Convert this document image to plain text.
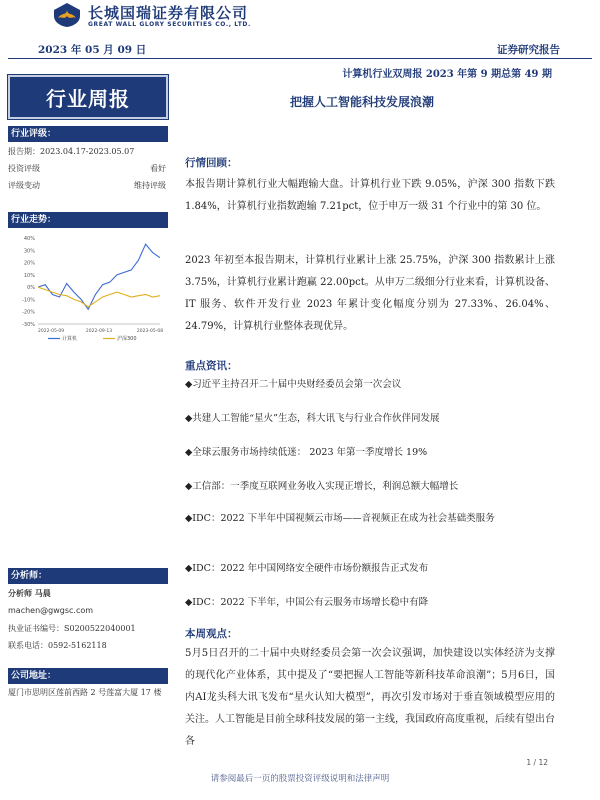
长城国瑞证券有限公司
GREAT WALL GLORY SECURITIES CO., LTD.
2023 年 05 月 09 日	证券研究报告
计算机行业双周报 2023 年第 9 期总第 49 期
行业周报	把握人工智能科技发展浪潮
行业评级：
报告期：2023.04.17-2023.05.07
投资评级	看好
评级变动	维持评级
行业走势：
40%
30%
20%
10%
0%
-10%
-20%
-30%
2022-05-09	2022-09-13	2023-05-08
计算机	沪深300
分析师：
分析师 马晨
machen@gwgsc.com
执业证书编号：S0200522040001
联系电话：0592-5162118
公司地址：
厦门市思明区莲前西路 2 号莲富大厦 17 楼
行情回顾：
本报告期计算机行业大幅跑输大盘。计算机行业下跌 9.05%，沪深 300 指数下跌 1.84%，计算机行业指数跑输 7.21pct，位于申万一级 31 个行业中的第 30 位。
2023 年初至本报告期末，计算机行业累计上涨 25.75%，沪深 300 指数累计上涨 3.75%，计算机行业累计跑赢 22.00pct。从申万二级细分行业来看，计算机设备、IT 服务、软件开发行业 2023 年累计变化幅度分别为 27.33%、26.04%、24.79%，计算机行业整体表现优异。
重点资讯：
◆习近平主持召开二十届中央财经委员会第一次会议
◆共建人工智能“星火”生态，科大讯飞与行业合作伙伴同发展
◆全球云服务市场持续低迷： 2023 年第一季度增长 19%
◆工信部：一季度互联网业务收入实现正增长，利润总额大幅增长
◆IDC：2022 下半年中国视频云市场——音视频正在成为社会基础类服务
◆IDC：2022 年中国网络安全硬件市场份额报告正式发布
◆IDC：2022 下半年，中国公有云服务市场增长稳中有降
本周观点：
5月5日召开的二十届中央财经委员会第一次会议强调，加快建设以实体经济为支撑的现代化产业体系，其中提及了“要把握人工智能等新科技革命浪潮”；5月6日，国内AI龙头科大讯飞发布“星火认知大模型”，再次引发市场对于垂直领域模型应用的关注。人工智能是目前全球科技发展的第一主线，我国政府高度重视，后续有望出台各
1 / 12
请参阅最后一页的股票投资评级说明和法律声明
